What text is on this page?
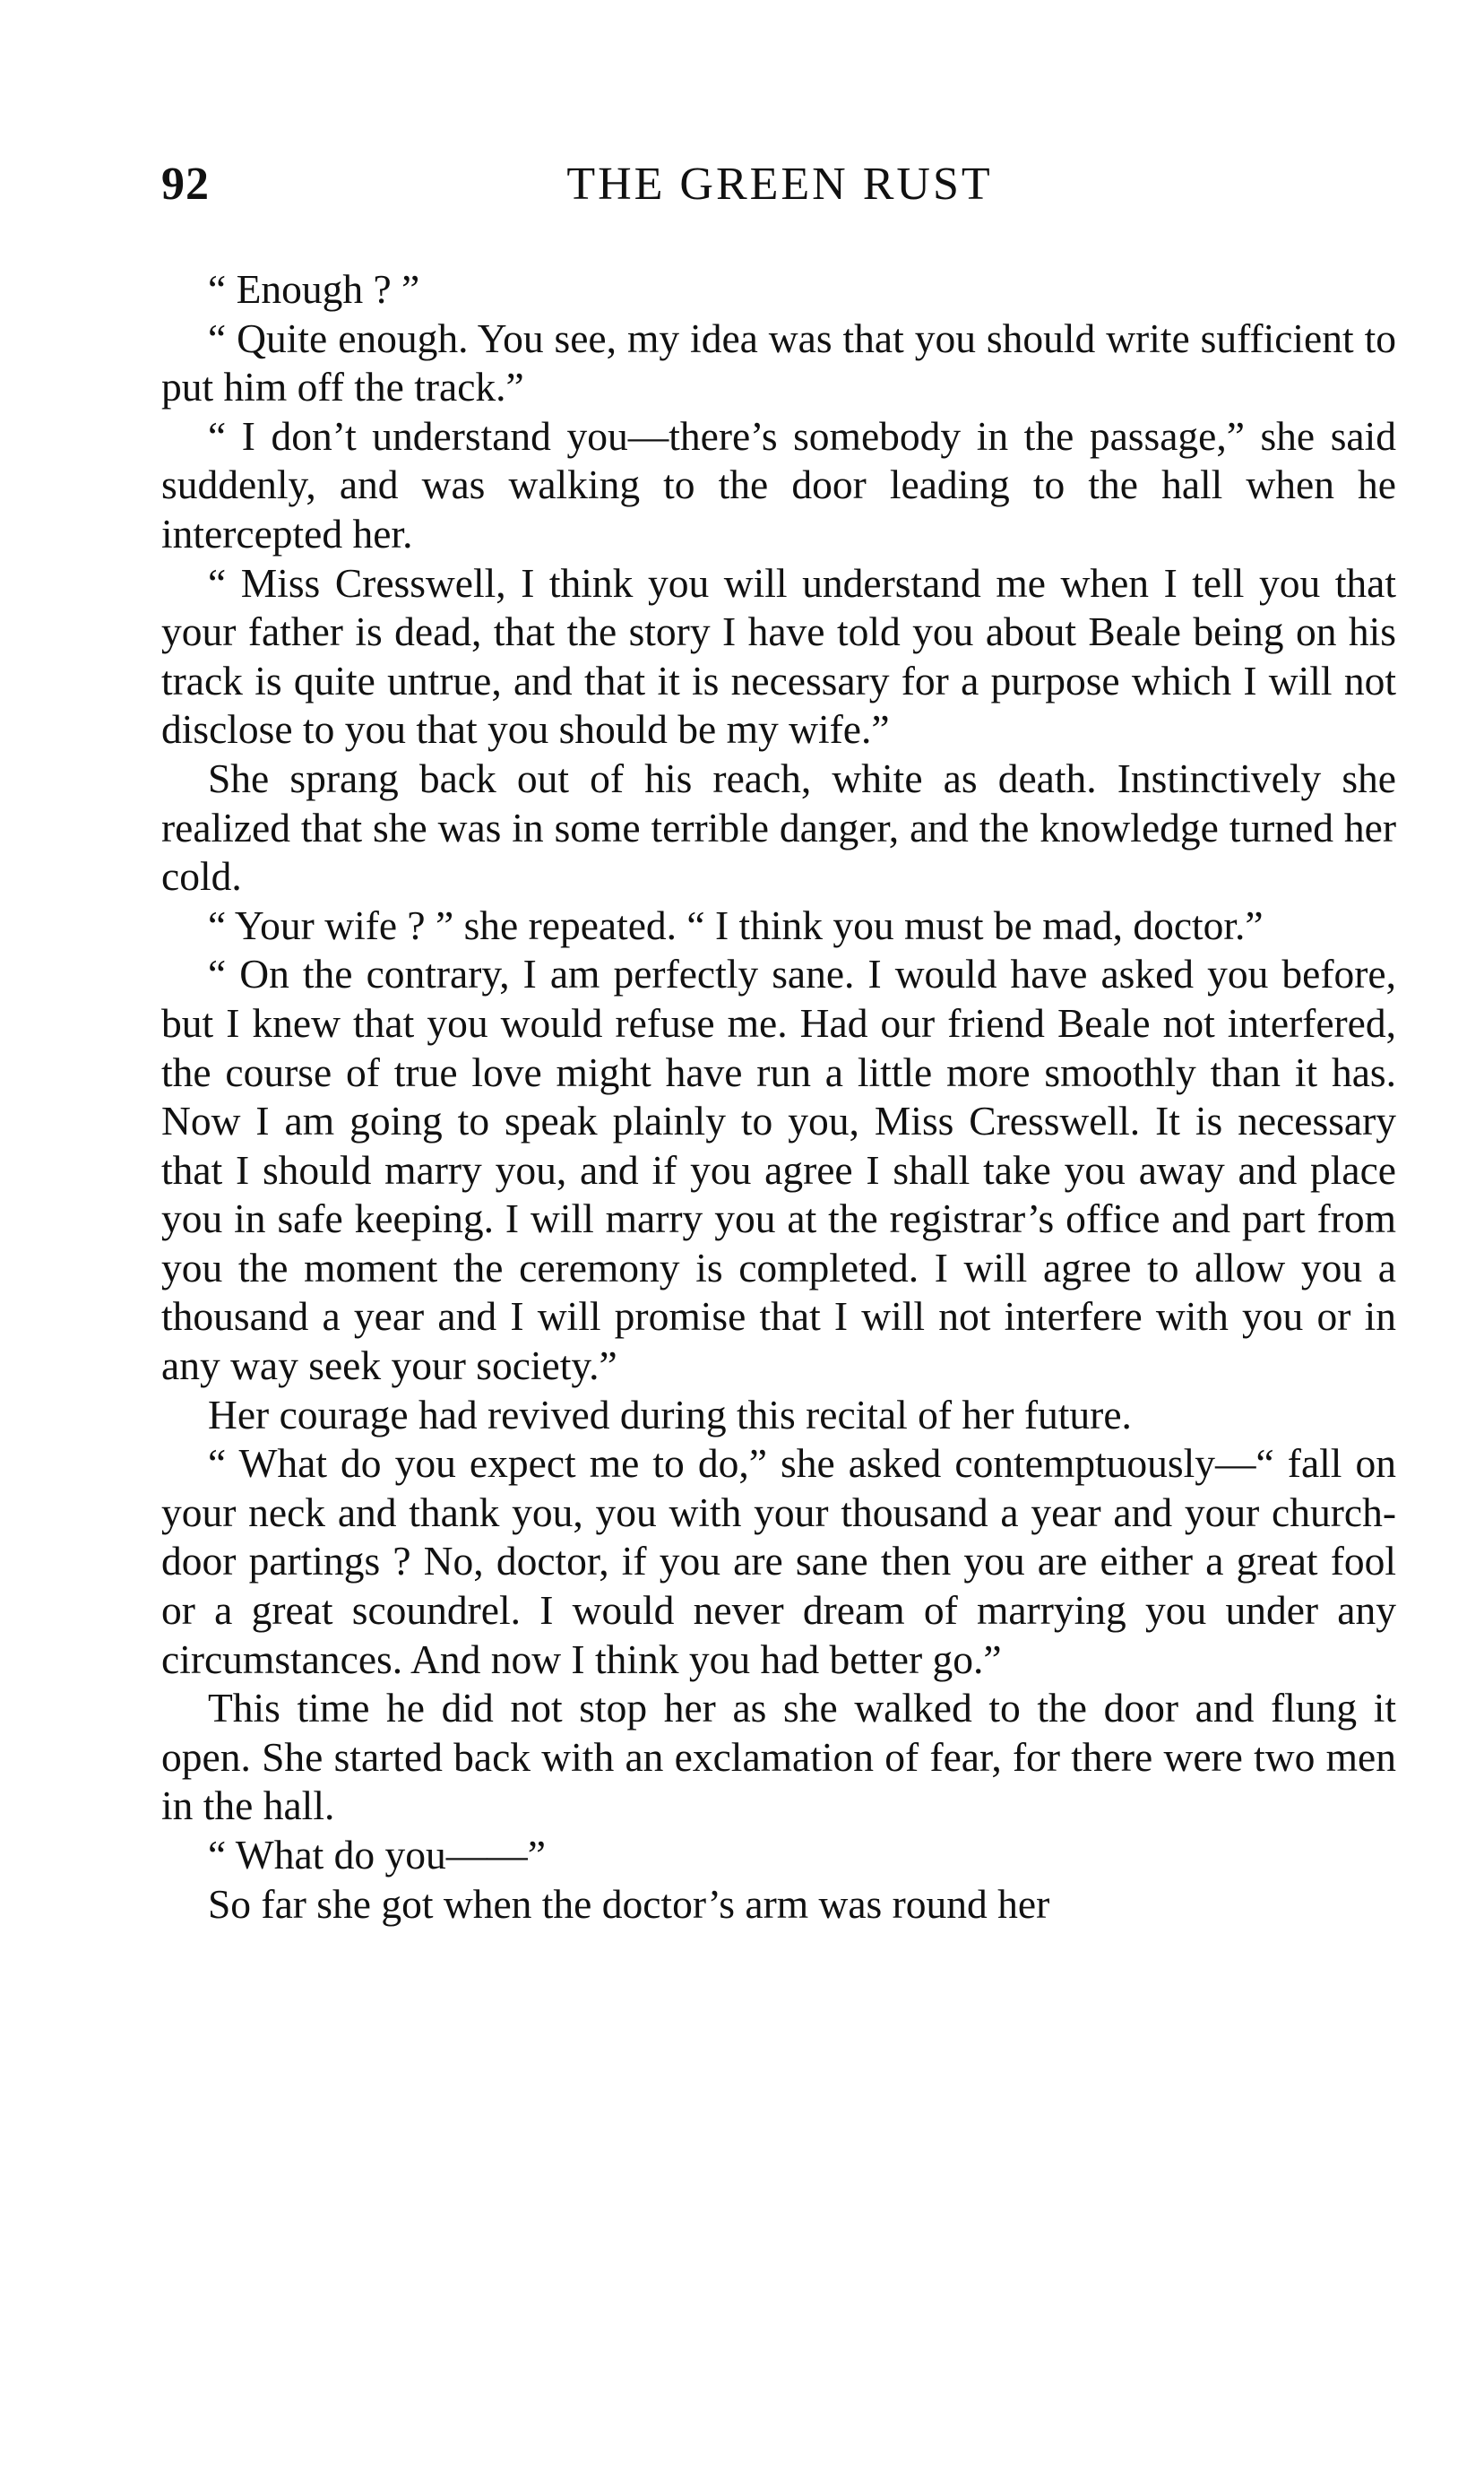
92	THE GREEN RUST

“ Enough ? ”

“ Quite enough. You see, my idea was that you should write sufficient to put him off the track.”

“ I don’t understand you—there’s somebody in the passage,” she said suddenly, and was walking to the door leading to the hall when he intercepted her.

“ Miss Cresswell, I think you will understand me when I tell you that your father is dead, that the story I have told you about Beale being on his track is quite untrue, and that it is necessary for a purpose which I will not disclose to you that you should be my wife.”

She sprang back out of his reach, white as death. Instinctively she realized that she was in some terrible danger, and the knowledge turned her cold.

“ Your wife ? ” she repeated. “ I think you must be mad, doctor.”

“ On the contrary, I am perfectly sane. I would have asked you before, but I knew that you would refuse me. Had our friend Beale not interfered, the course of true love might have run a little more smoothly than it has. Now I am going to speak plainly to you, Miss Cresswell. It is necessary that I should marry you, and if you agree I shall take you away and place you in safe keeping. I will marry you at the registrar’s office and part from you the moment the ceremony is completed. I will agree to allow you a thousand a year and I will promise that I will not interfere with you or in any way seek your society.”

Her courage had revived during this recital of her future.

“ What do you expect me to do,” she asked contemptuously—“ fall on your neck and thank you, you with your thousand a year and your church-door partings ? No, doctor, if you are sane then you are either a great fool or a great scoundrel. I would never dream of marrying you under any circumstances. And now I think you had better go.”

This time he did not stop her as she walked to the door and flung it open. She started back with an exclamation of fear, for there were two men in the hall.

“ What do you——”

So far she got when the doctor’s arm was round her
